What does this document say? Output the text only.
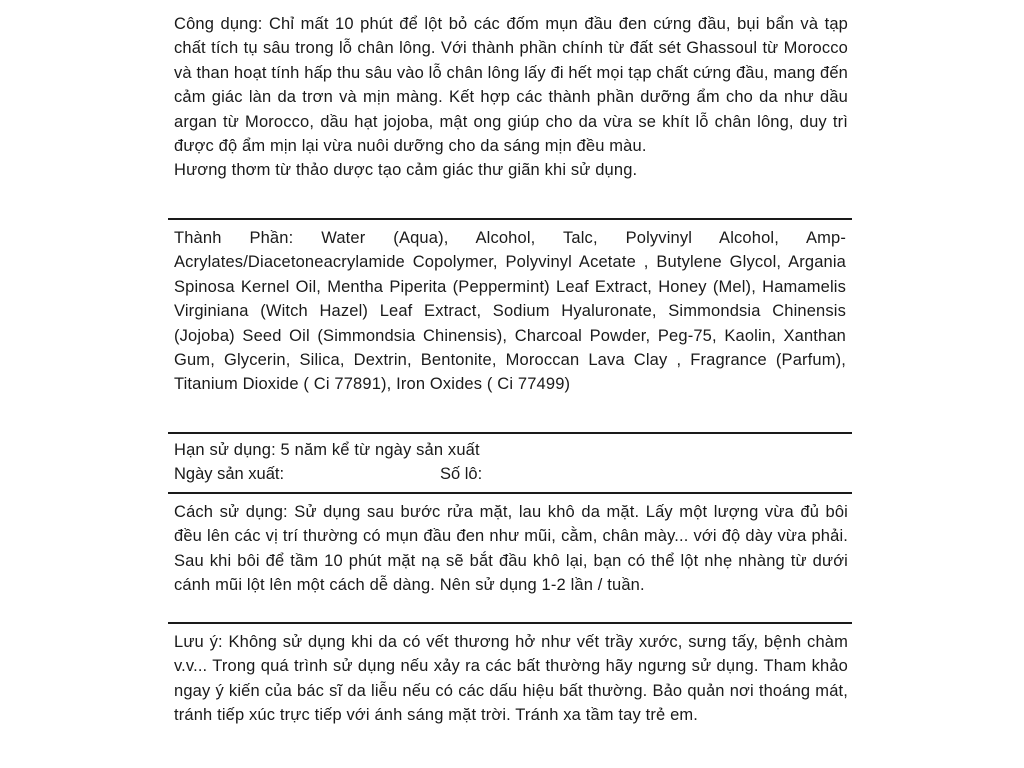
Công dụng: Chỉ mất 10 phút để lột bỏ các đốm mụn đầu đen cứng đầu, bụi bẩn và tạp chất tích tụ sâu trong lỗ chân lông. Với thành phần chính từ đất sét Ghassoul từ Morocco và than hoạt tính hấp thu sâu vào lỗ chân lông lấy đi hết mọi tạp chất cứng đầu, mang đến cảm giác làn da trơn và mịn màng. Kết hợp các thành phần dưỡng ẩm cho da như dầu argan từ Morocco, dầu hạt jojoba, mật ong giúp cho da vừa se khít lỗ chân lông, duy trì được độ ẩm mịn lại vừa nuôi dưỡng cho da sáng mịn đều màu.

Hương thơm từ thảo dược tạo cảm giác thư giãn khi sử dụng.

Thành Phần: Water (Aqua), Alcohol, Talc, Polyvinyl Alcohol, Amp-Acrylates/Diacetoneacrylamide Copolymer, Polyvinyl Acetate , Butylene Glycol, Argania Spinosa Kernel Oil, Mentha Piperita (Peppermint) Leaf Extract, Honey (Mel), Hamamelis Virginiana (Witch Hazel) Leaf Extract, Sodium Hyaluronate, Simmondsia Chinensis (Jojoba) Seed Oil (Simmondsia Chinensis), Charcoal Powder, Peg-75, Kaolin, Xanthan Gum, Glycerin, Silica, Dextrin, Bentonite, Moroccan Lava Clay , Fragrance (Parfum), Titanium Dioxide ( Ci 77891), Iron Oxides ( Ci 77499)

Hạn sử dụng: 5 năm kể từ ngày sản xuất

Ngày sản xuất:	Số lô:

Cách sử dụng: Sử dụng sau bước rửa mặt, lau khô da mặt. Lấy một lượng vừa đủ bôi đều lên các vị trí thường có mụn đầu đen như mũi, cằm, chân mày... với độ dày vừa phải. Sau khi bôi để tầm 10 phút mặt nạ sẽ bắt đầu khô lại, bạn có thể lột nhẹ nhàng từ dưới cánh mũi lột lên một cách dễ dàng. Nên sử dụng 1-2 lần / tuần.

Lưu ý: Không sử dụng khi da có vết thương hở như vết trầy xước, sưng tấy, bệnh chàm v.v... Trong quá trình sử dụng nếu xảy ra các bất thường hãy ngưng sử dụng. Tham khảo ngay ý kiến của bác sĩ da liễu nếu có các dấu hiệu bất thường. Bảo quản nơi thoáng mát, tránh tiếp xúc trực tiếp với ánh sáng mặt trời. Tránh xa tầm tay trẻ em.
